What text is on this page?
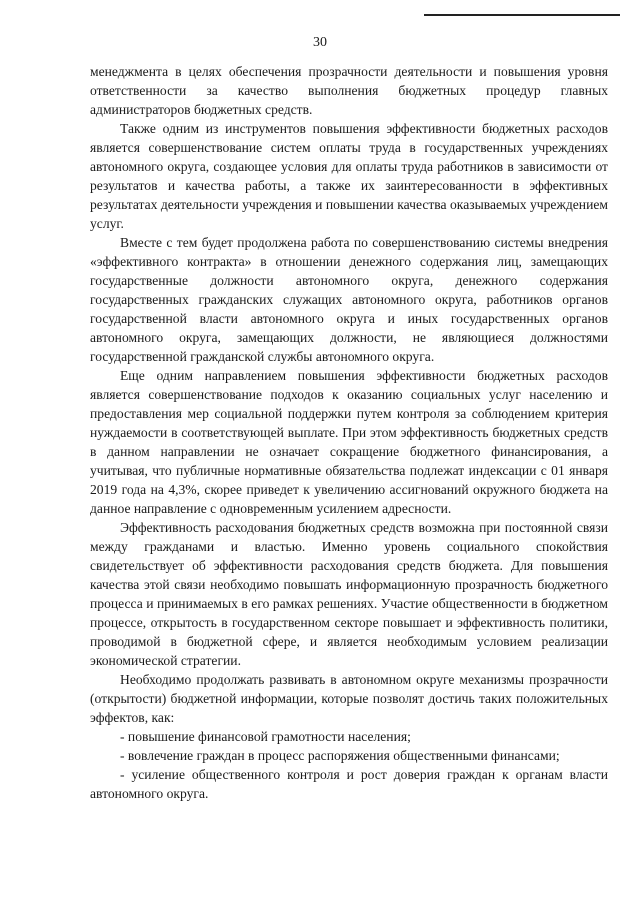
30

менеджмента в целях обеспечения прозрачности деятельности и повышения уровня ответственности за качество выполнения бюджетных процедур главных администраторов бюджетных средств.

Также одним из инструментов повышения эффективности бюджетных расходов является совершенствование систем оплаты труда в государственных учреждениях автономного округа, создающее условия для оплаты труда работников в зависимости от результатов и качества работы, а также их заинтересованности в эффективных результатах деятельности учреждения и повышении качества оказываемых учреждением услуг.

Вместе с тем будет продолжена работа по совершенствованию системы внедрения «эффективного контракта» в отношении денежного содержания лиц, замещающих государственные должности автономного округа, денежного содержания государственных гражданских служащих автономного округа, работников органов государственной власти автономного округа и иных государственных органов автономного округа, замещающих должности, не являющиеся должностями государственной гражданской службы автономного округа.

Еще одним направлением повышения эффективности бюджетных расходов является совершенствование подходов к оказанию социальных услуг населению и предоставления мер социальной поддержки путем контроля за соблюдением критерия нуждаемости в соответствующей выплате. При этом эффективность бюджетных средств в данном направлении не означает сокращение бюджетного финансирования, а учитывая, что публичные нормативные обязательства подлежат индексации с 01 января 2019 года на 4,3%, скорее приведет к увеличению ассигнований окружного бюджета на данное направление с одновременным усилением адресности.

Эффективность расходования бюджетных средств возможна при постоянной связи между гражданами и властью. Именно уровень социального спокойствия свидетельствует об эффективности расходования средств бюджета. Для повышения качества этой связи необходимо повышать информационную прозрачность бюджетного процесса и принимаемых в его рамках решениях. Участие общественности в бюджетном процессе, открытость в государственном секторе повышает и эффективность политики, проводимой в бюджетной сфере, и является необходимым условием реализации экономической стратегии.

Необходимо продолжать развивать в автономном округе механизмы прозрачности (открытости) бюджетной информации, которые позволят достичь таких положительных эффектов, как:

- повышение финансовой грамотности населения;

- вовлечение граждан в процесс распоряжения общественными финансами;

- усиление общественного контроля и рост доверия граждан к органам власти автономного округа.
